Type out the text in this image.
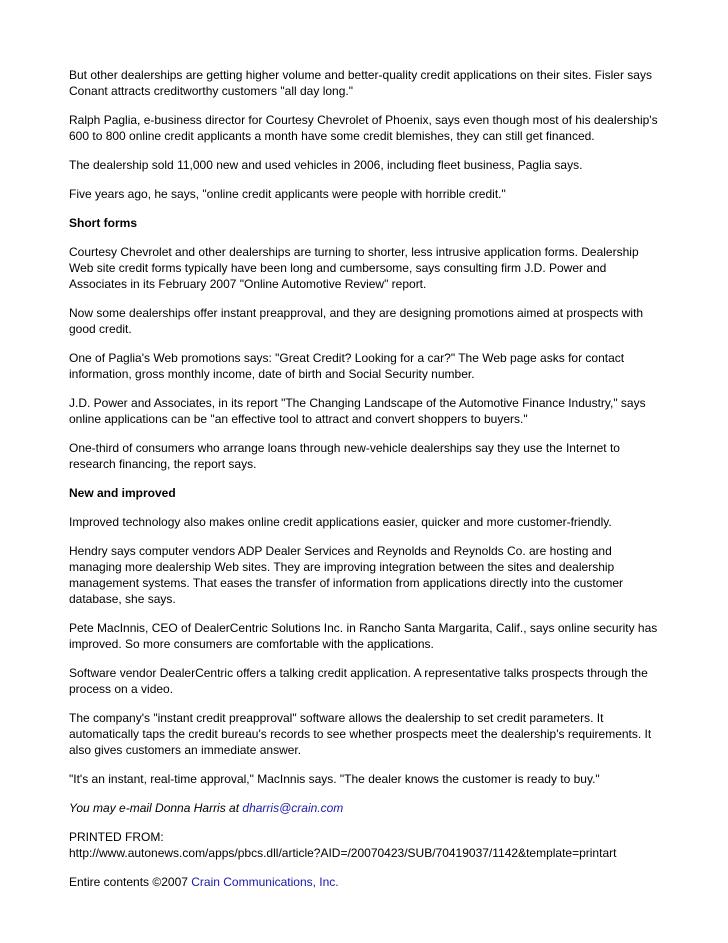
But other dealerships are getting higher volume and better-quality credit applications on their sites. Fisler says Conant attracts creditworthy customers "all day long."

Ralph Paglia, e-business director for Courtesy Chevrolet of Phoenix, says even though most of his dealership's 600 to 800 online credit applicants a month have some credit blemishes, they can still get financed.

The dealership sold 11,000 new and used vehicles in 2006, including fleet business, Paglia says.

Five years ago, he says, "online credit applicants were people with horrible credit."

Short forms

Courtesy Chevrolet and other dealerships are turning to shorter, less intrusive application forms. Dealership Web site credit forms typically have been long and cumbersome, says consulting firm J.D. Power and Associates in its February 2007 "Online Automotive Review" report.

Now some dealerships offer instant preapproval, and they are designing promotions aimed at prospects with good credit.

One of Paglia's Web promotions says: "Great Credit? Looking for a car?" The Web page asks for contact information, gross monthly income, date of birth and Social Security number.

J.D. Power and Associates, in its report "The Changing Landscape of the Automotive Finance Industry," says online applications can be "an effective tool to attract and convert shoppers to buyers."

One-third of consumers who arrange loans through new-vehicle dealerships say they use the Internet to research financing, the report says.

New and improved

Improved technology also makes online credit applications easier, quicker and more customer-friendly.

Hendry says computer vendors ADP Dealer Services and Reynolds and Reynolds Co. are hosting and managing more dealership Web sites. They are improving integration between the sites and dealership management systems. That eases the transfer of information from applications directly into the customer database, she says.

Pete MacInnis, CEO of DealerCentric Solutions Inc. in Rancho Santa Margarita, Calif., says online security has improved. So more consumers are comfortable with the applications.

Software vendor DealerCentric offers a talking credit application. A representative talks prospects through the process on a video.

The company's "instant credit preapproval" software allows the dealership to set credit parameters. It automatically taps the credit bureau's records to see whether prospects meet the dealership's requirements. It also gives customers an immediate answer.

"It's an instant, real-time approval," MacInnis says. "The dealer knows the customer is ready to buy."

You may e-mail Donna Harris at dharris@crain.com

PRINTED FROM:
http://www.autonews.com/apps/pbcs.dll/article?AID=/20070423/SUB/70419037/1142&template=printart

Entire contents ©2007 Crain Communications, Inc.
